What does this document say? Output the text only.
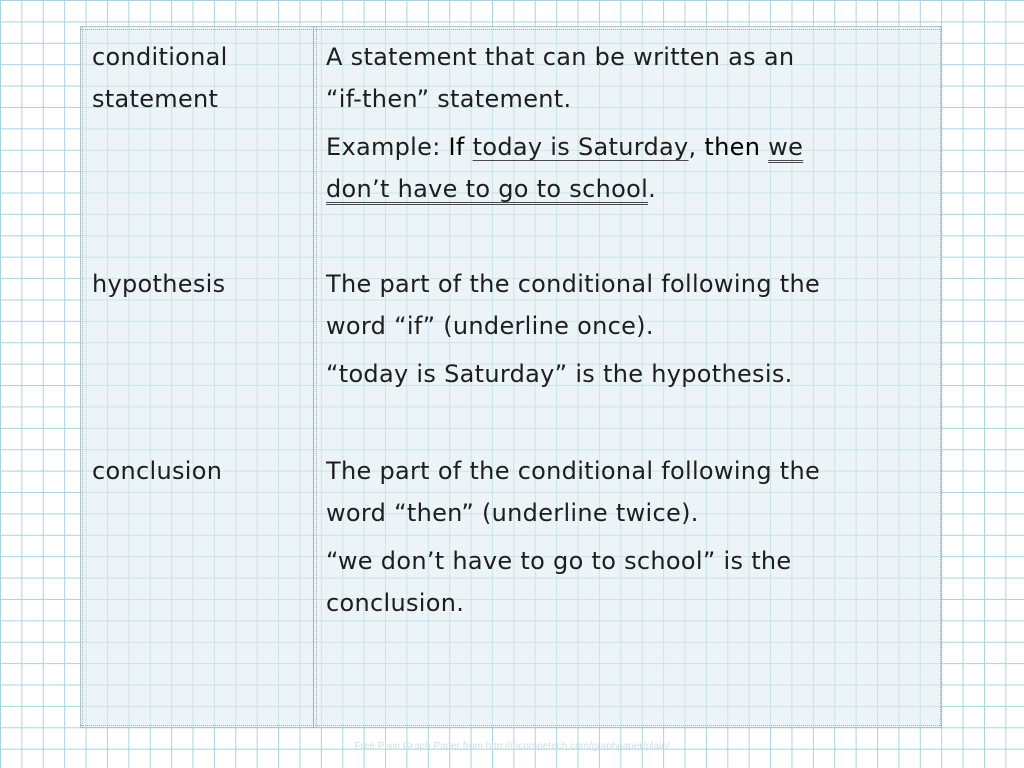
conditional
statement

A statement that can be written as an
“if-then” statement.

Example: If today is Saturday, then we
don’t have to go to school.

hypothesis	The part of the conditional following the
word “if” (underline once).

“today is Saturday” is the hypothesis.

conclusion	The part of the conditional following the
word “then” (underline twice).

“we don’t have to go to school” is the
conclusion.

Free Plain Graph Paper from http://incompetech.com/graphpaper/plain/
